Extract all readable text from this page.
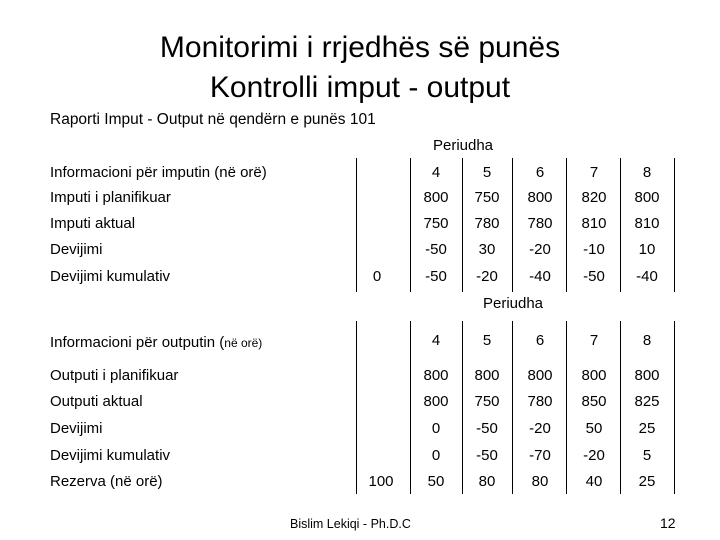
Monitorimi i rrjedhës së punës
Kontrolli imput - output
Raporti Imput - Output në qendërn e punës 101
Periudha
Informacioni për imputin (në orë)	4	5	6	7	8
Imputi i planifikuar	800	750	800	820	800
Imputi aktual	750	780	780	810	810
Devijimi	-50	30	-20	-10	10
Devijimi kumulativ	0	-50	-20	-40	-50	-40
Periudha
Informacioni për outputin (në orë)	4	5	6	7	8
Outputi i planifikuar	800	800	800	800	800
Outputi aktual	800	750	780	850	825
Devijimi	0	-50	-20	50	25
Devijimi kumulativ	0	-50	-70	-20	5
Rezerva (në orë)	100	50	80	80	40	25
Bislim Lekiqi - Ph.D.C	12
